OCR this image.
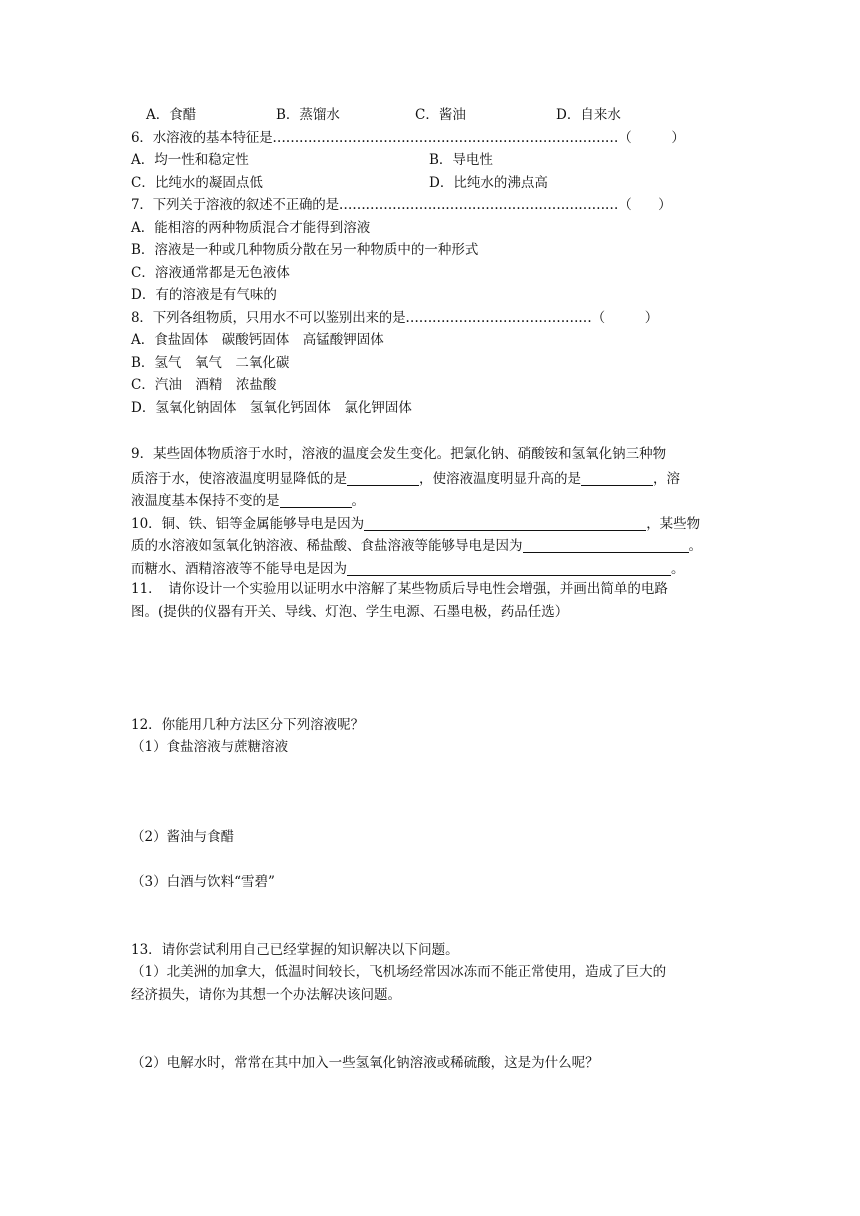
A．食醋	B．蒸馏水	C．酱油	D．自来水
6．水溶液的基本特征是……………………………………………………………………（　　　）
A．均一性和稳定性	B．导电性
C．比纯水的凝固点低	D．比纯水的沸点高
7．下列关于溶液的叙述不正确的是………………………………………………………（　　）
A．能相溶的两种物质混合才能得到溶液
B．溶液是一种或几种物质分散在另一种物质中的一种形式
C．溶液通常都是无色液体
D．有的溶液是有气味的
8．下列各组物质，只用水不可以鉴别出来的是……………………………………（　　　）
A．食盐固体　碳酸钙固体　高锰酸钾固体
B．氢气　氧气　二氧化碳
C．汽油　酒精　浓盐酸
D．氢氧化钠固体　氢氧化钙固体　氯化钾固体
9．某些固体物质溶于水时，溶液的温度会发生变化。把氯化钠、硝酸铵和氢氧化钠三种物
质溶于水，使溶液温度明显降低的是	，使溶液温度明显升高的是	，溶
液温度基本保持不变的是	。
10．铜、铁、铝等金属能够导电是因为	，某些物
质的水溶液如氢氧化钠溶液、稀盐酸、食盐溶液等能够导电是因为	。
而糖水、酒精溶液等不能导电是因为	。
11．　请你设计一个实验用以证明水中溶解了某些物质后导电性会增强，并画出简单的电路
图。(提供的仪器有开关、导线、灯泡、学生电源、石墨电极，药品任选）
12．你能用几种方法区分下列溶液呢？
（1）食盐溶液与蔗糖溶液
（2）酱油与食醋
（3）白酒与饮料“雪碧”
13．请你尝试利用自己已经掌握的知识解决以下问题。
（1）北美洲的加拿大，低温时间较长，飞机场经常因冰冻而不能正常使用，造成了巨大的
经济损失，请你为其想一个办法解决该问题。
（2）电解水时，常常在其中加入一些氢氧化钠溶液或稀硫酸，这是为什么呢？
